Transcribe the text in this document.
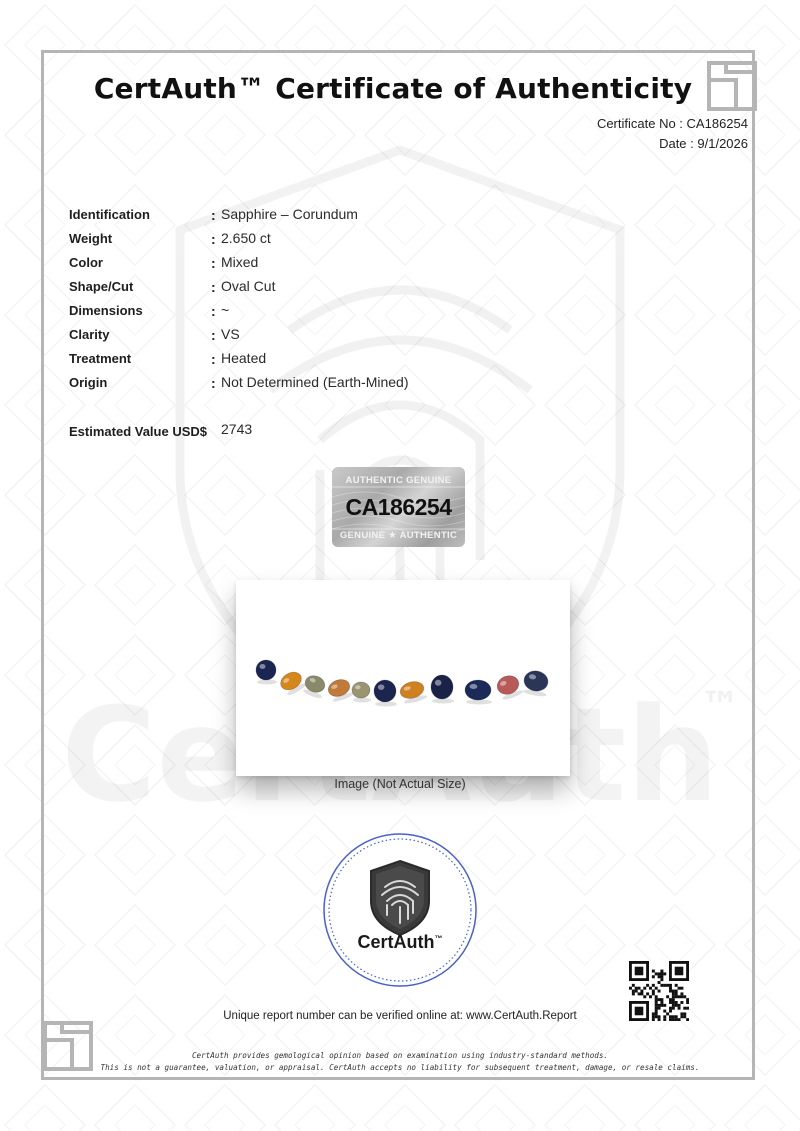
™
CertAuth™ Certificate of Authenticity
Certificate No : CA186254
Date : 9/1/2026
Identification	: Sapphire – Corundum
Weight	: 2.650 ct
Color	: Mixed
Shape/Cut	: Oval Cut
Dimensions	: ~
Clarity	: VS
Treatment	: Heated
Origin	: Not Determined (Earth-Mined)
Estimated Value USD$ 2743
AUTHENTIC GENUINE
CA186254
GENUINE ★ AUTHENTIC
Image (Not Actual Size)
CertAuth™
Unique report number can be verified online at: www.CertAuth.Report
CertAuth provides gemological opinion based on examination using industry-standard methods.
This is not a guarantee, valuation, or appraisal. CertAuth accepts no liability for subsequent treatment, damage, or resale claims.
